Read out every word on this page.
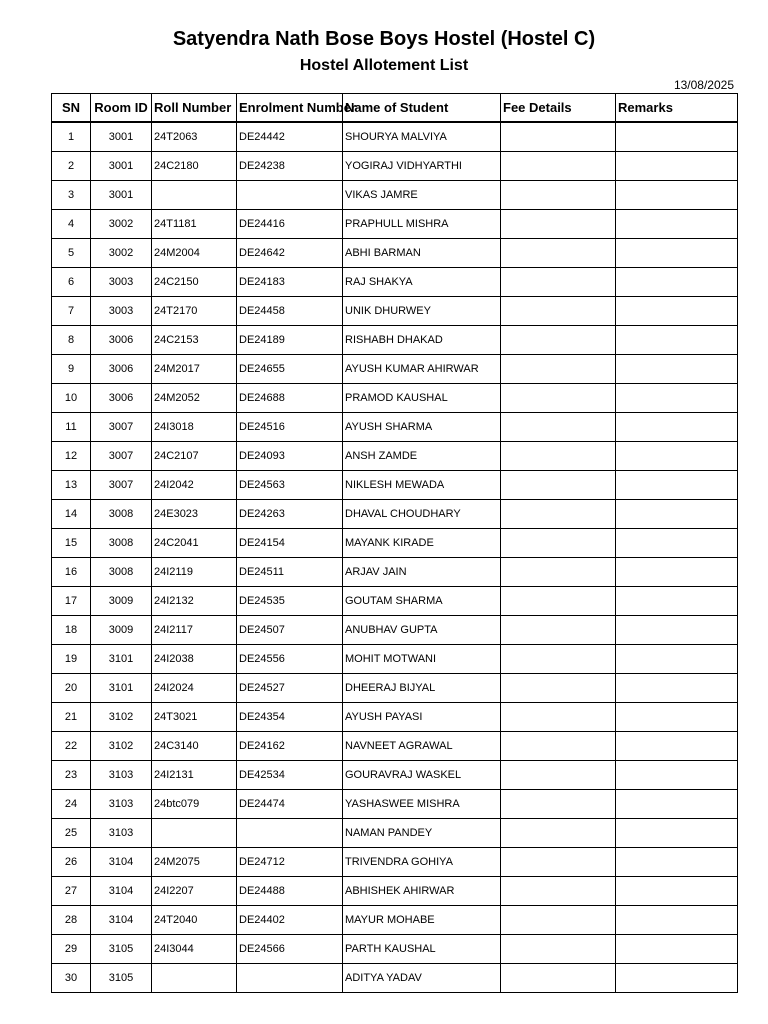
Satyendra Nath Bose Boys Hostel (Hostel C)
Hostel Allotement List
13/08/2025
SN	Room ID	Roll Number	Enrolment Number	Name of Student	Fee Details	Remarks
1	3001	24T2063	DE24442	SHOURYA MALVIYA		
2	3001	24C2180	DE24238	YOGIRAJ VIDHYARTHI		
3	3001			VIKAS JAMRE		
4	3002	24T1181	DE24416	PRAPHULL MISHRA		
5	3002	24M2004	DE24642	ABHI BARMAN		
6	3003	24C2150	DE24183	RAJ SHAKYA		
7	3003	24T2170	DE24458	UNIK DHURWEY		
8	3006	24C2153	DE24189	RISHABH DHAKAD		
9	3006	24M2017	DE24655	AYUSH KUMAR AHIRWAR		
10	3006	24M2052	DE24688	PRAMOD KAUSHAL		
11	3007	24I3018	DE24516	AYUSH SHARMA		
12	3007	24C2107	DE24093	ANSH ZAMDE		
13	3007	24I2042	DE24563	NIKLESH MEWADA		
14	3008	24E3023	DE24263	DHAVAL CHOUDHARY		
15	3008	24C2041	DE24154	MAYANK KIRADE		
16	3008	24I2119	DE24511	ARJAV JAIN		
17	3009	24I2132	DE24535	GOUTAM SHARMA		
18	3009	24I2117	DE24507	ANUBHAV GUPTA		
19	3101	24I2038	DE24556	MOHIT MOTWANI		
20	3101	24I2024	DE24527	DHEERAJ BIJYAL		
21	3102	24T3021	DE24354	AYUSH PAYASI		
22	3102	24C3140	DE24162	NAVNEET AGRAWAL		
23	3103	24I2131	DE42534	GOURAVRAJ WASKEL		
24	3103	24btc079	DE24474	YASHASWEE MISHRA		
25	3103			NAMAN PANDEY		
26	3104	24M2075	DE24712	TRIVENDRA GOHIYA		
27	3104	24I2207	DE24488	ABHISHEK AHIRWAR		
28	3104	24T2040	DE24402	MAYUR MOHABE		
29	3105	24I3044	DE24566	PARTH KAUSHAL		
30	3105			ADITYA YADAV		
